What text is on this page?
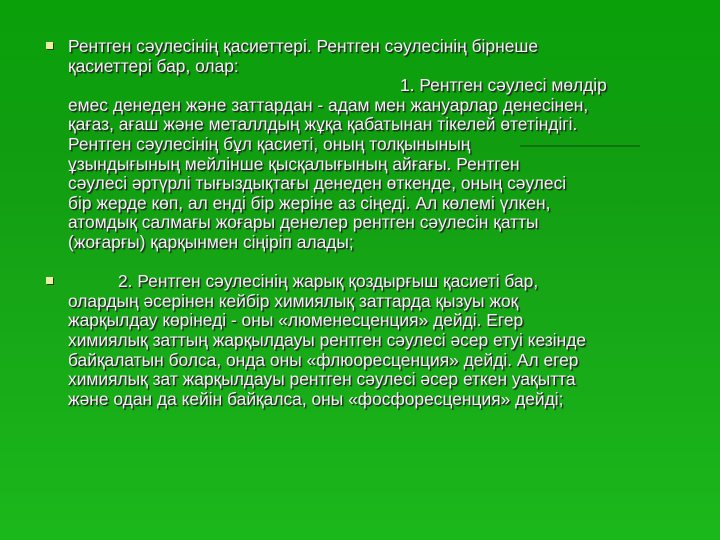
Рентген сәулесінің қасиеттері. Рентген сәулесінің бірнеше
қасиеттері бар, олар:
1. Рентген сәулесі мөлдір
емес денеден және заттардан - адам мен жануарлар денесінен,
қағаз, ағаш және металлдың жұқа қабатынан тікелей өтетіндігі.
Рентген сәулесінің бұл қасиеті, оның толқынының
ұзындығының мейлінше қысқалығының айғағы. Рентген
сәулесі әртүрлі тығыздықтағы денеден өткенде, оның сәулесі
бір жерде көп, ал енді бір жеріне аз сіңеді. Ал көлемі үлкен,
атомдық салмағы жоғары денелер рентген сәулесін қатты
(жоғарғы) қарқынмен сіңіріп алады;
2. Рентген сәулесінің жарық қоздырғыш қасиеті бар,
олардың әсерінен кейбір химиялық заттарда қызуы жоқ
жарқылдау көрінеді - оны «люменесценция» дейді. Егер
химиялық заттың жарқылдауы рентген сәулесі әсер етуі кезінде
байқалатын болса, онда оны «флюоресценция» дейді. Ал егер
химиялық зат жарқылдауы рентген сәулесі әсер еткен уақытта
және одан да кейін байқалса, оны «фосфоресценция» дейді;
